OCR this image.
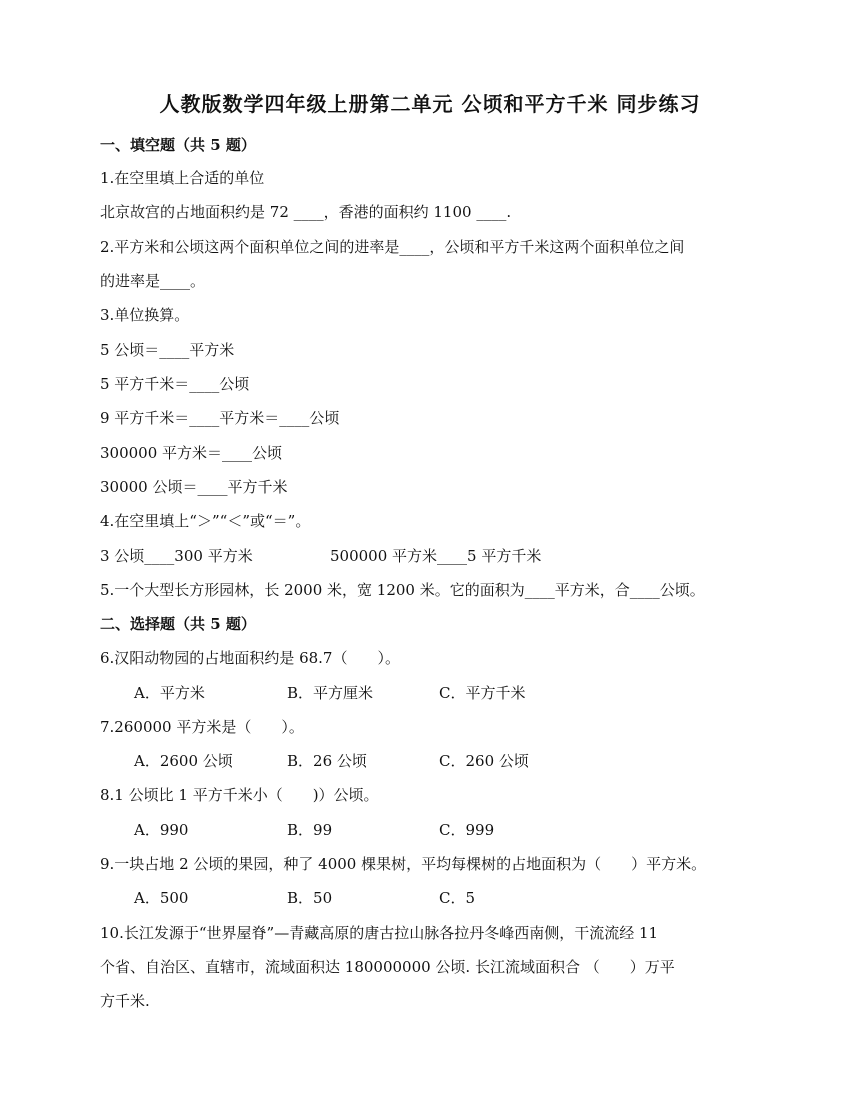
人教版数学四年级上册第二单元 公顷和平方千米 同步练习
一、填空题（共 5 题）
1.在空里填上合适的单位
北京故宫的占地面积约是 72 ____，香港的面积约 1100 ____.
2.平方米和公顷这两个面积单位之间的进率是____，公顷和平方千米这两个面积单位之间
的进率是____。
3.单位换算。
5 公顷＝____平方米
5 平方千米＝____公顷
9 平方千米＝____平方米＝____公顷
300000 平方米＝____公顷
30000 公顷＝____平方千米
4.在空里填上“＞”“＜”或“＝”。
3 公顷____300 平方米	500000 平方米____5 平方千米
5.一个大型长方形园林，长 2000 米，宽 1200 米。它的面积为____平方米，合____公顷。
二、选择题（共 5 题）
6.汉阳动物园的占地面积约是 68.7（　　）。
A．平方米	B．平方厘米	C．平方千米
7.260000 平方米是（　　）。
A．2600 公顷	B．26 公顷	C．260 公顷
8.1 公顷比 1 平方千米小（　　)）公顷。
A．990	B．99	C．999
9.一块占地 2 公顷的果园，种了 4000 棵果树，平均每棵树的占地面积为（　　）平方米。
A．500	B．50	C．5
10.长江发源于“世界屋脊”—青藏高原的唐古拉山脉各拉丹冬峰西南侧，干流流经 11
个省、自治区、直辖市，流域面积达 180000000 公顷. 长江流域面积合 （　　）万平
方千米.
